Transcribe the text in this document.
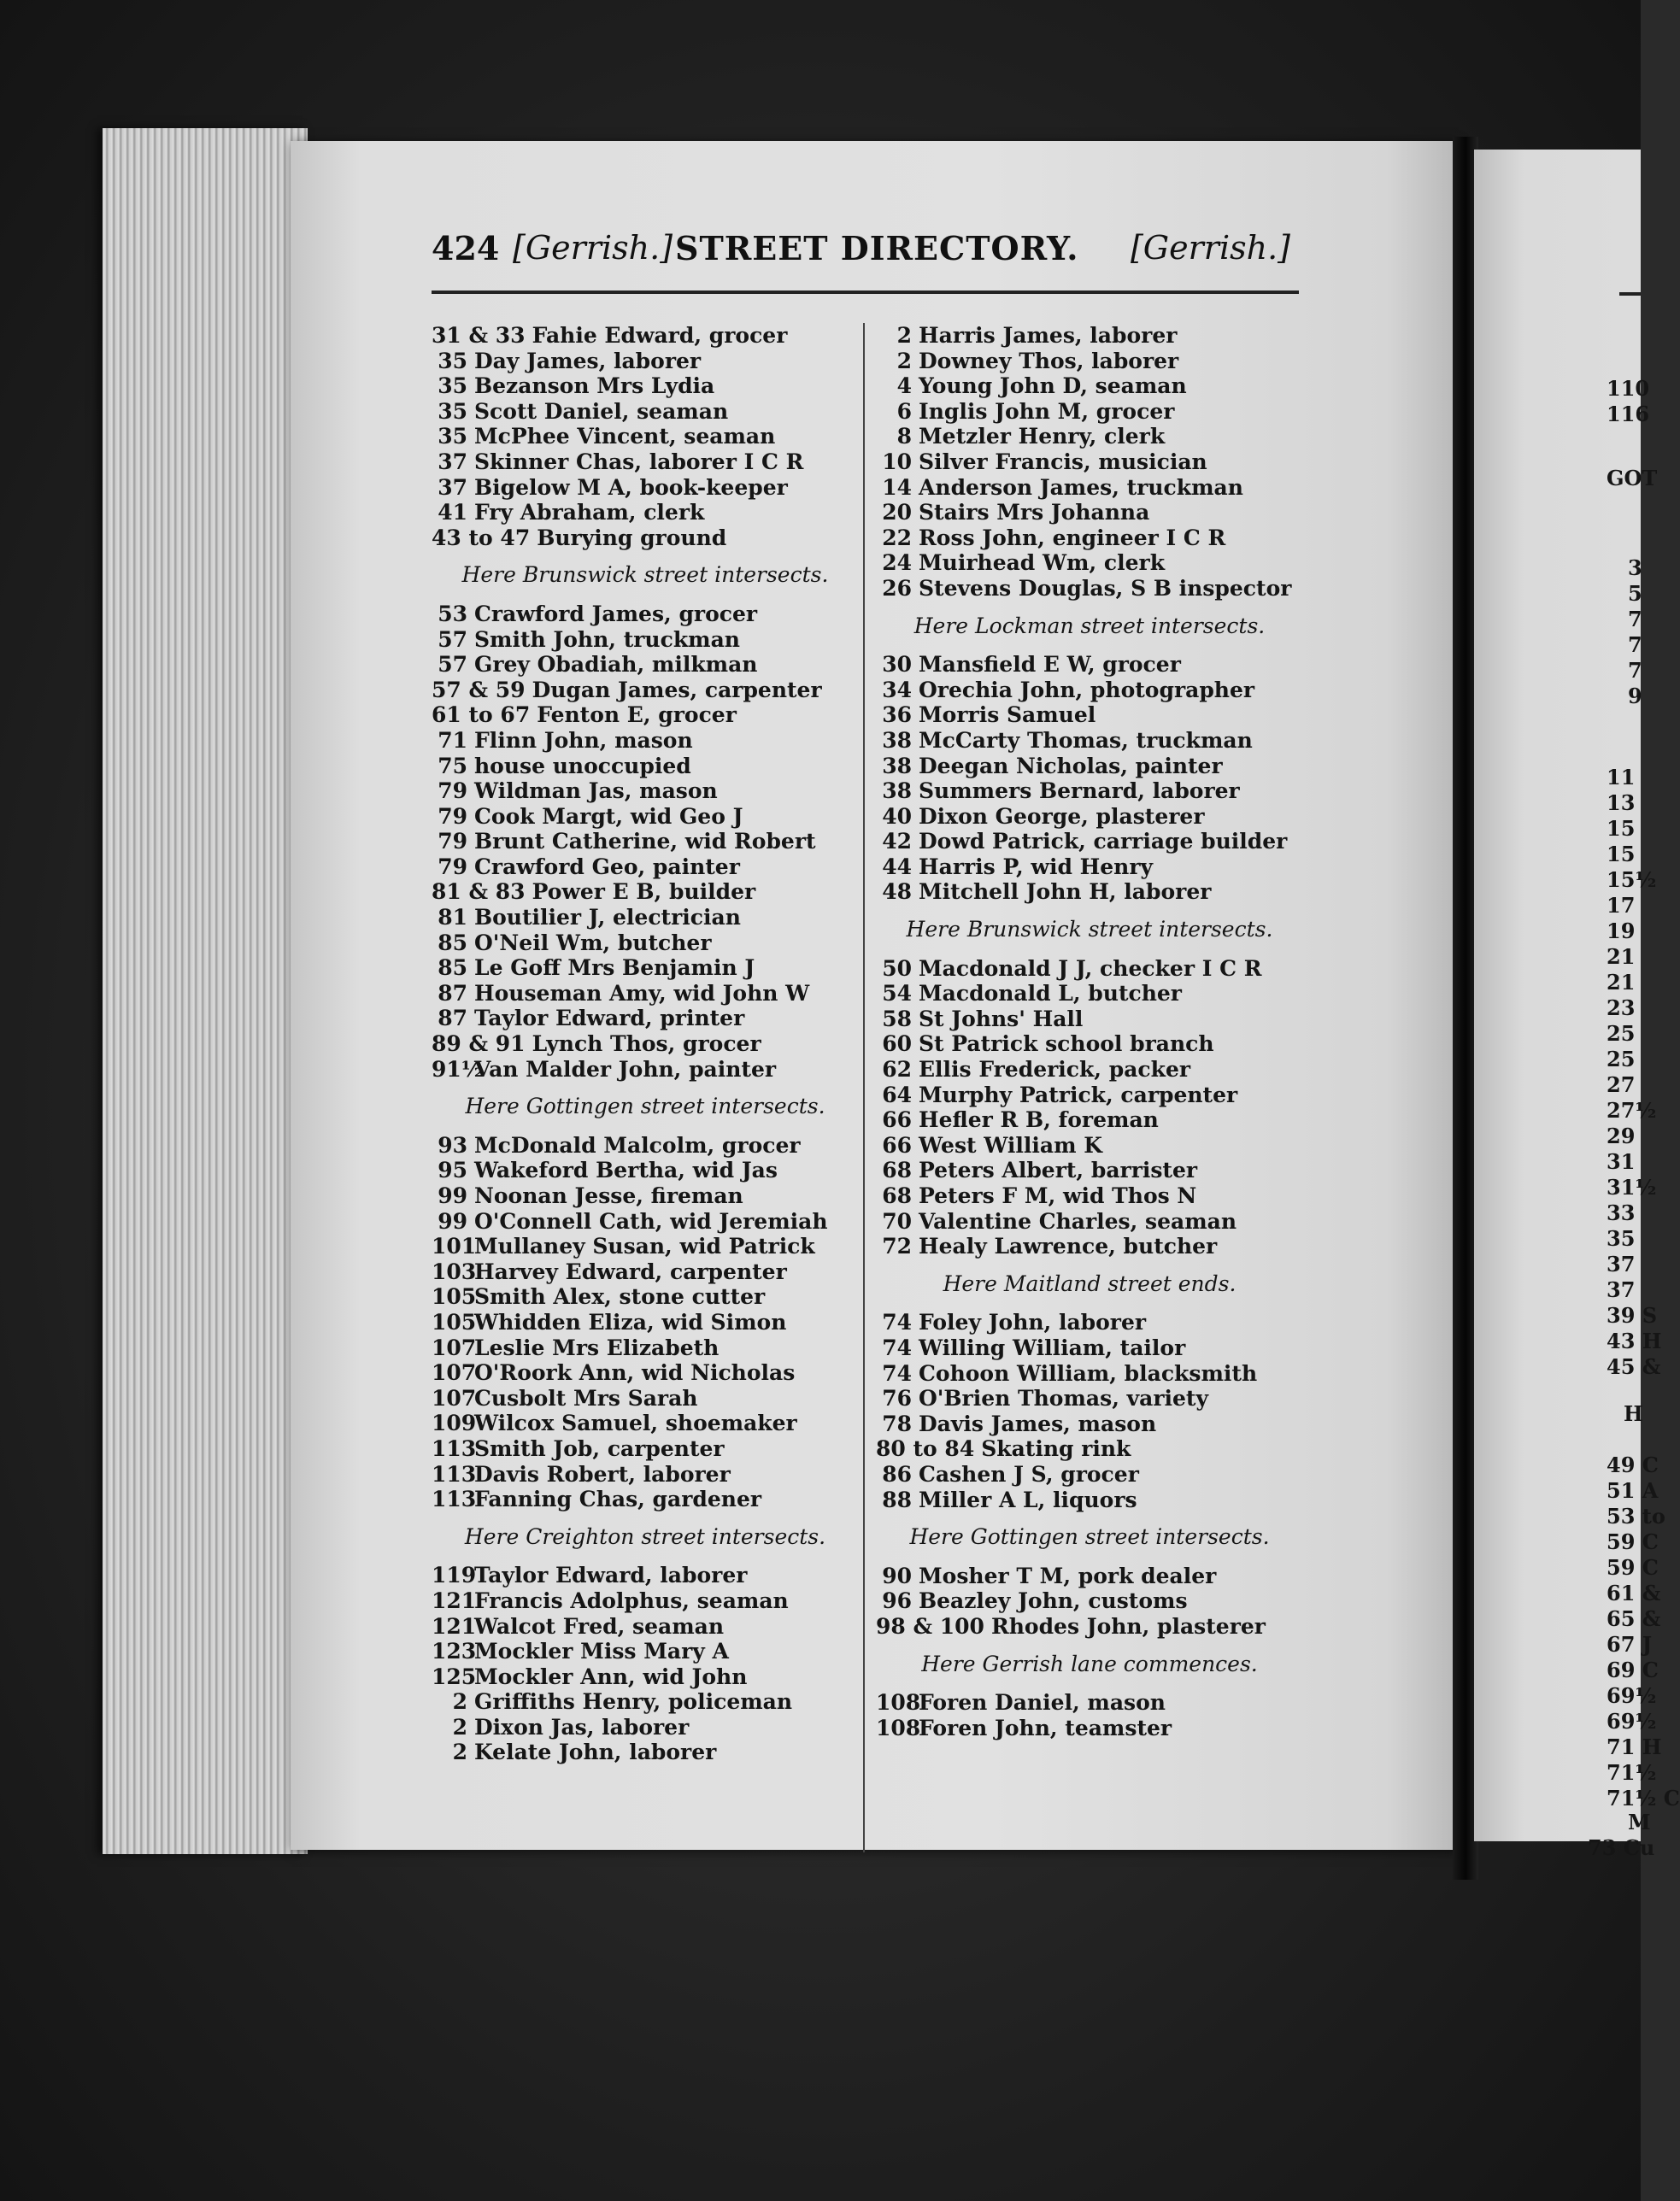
424 [Gerrish.] STREET DIRECTORY. [Gerrish.]
31 & 33 Fahie Edward, grocer
35 Day James, laborer
35 Bezanson Mrs Lydia
35 Scott Daniel, seaman
35 McPhee Vincent, seaman
37 Skinner Chas, laborer I C R
37 Bigelow M A, book-keeper
41 Fry Abraham, clerk
43 to 47 Burying ground
Here Brunswick street intersects.
53 Crawford James, grocer
57 Smith John, truckman
57 Grey Obadiah, milkman
57 & 59 Dugan James, carpenter
61 to 67 Fenton E, grocer
71 Flinn John, mason
75 house unoccupied
79 Wildman Jas, mason
79 Cook Margt, wid Geo J
79 Brunt Catherine, wid Robert
79 Crawford Geo, painter
81 & 83 Power E B, builder
81 Boutilier J, electrician
85 O'Neil Wm, butcher
85 Le Goff Mrs Benjamin J
87 Houseman Amy, wid John W
87 Taylor Edward, printer
89 & 91 Lynch Thos, grocer
91½Van Malder John, painter
Here Gottingen street intersects.
93 McDonald Malcolm, grocer
95 Wakeford Bertha, wid Jas
99 Noonan Jesse, fireman
99 O'Connell Cath, wid Jeremiah
101Mullaney Susan, wid Patrick
103Harvey Edward, carpenter
105Smith Alex, stone cutter
105Whidden Eliza, wid Simon
107Leslie Mrs Elizabeth
107O'Roork Ann, wid Nicholas
107Cusbolt Mrs Sarah
109Wilcox Samuel, shoemaker
113Smith Job, carpenter
113Davis Robert, laborer
113Fanning Chas, gardener
Here Creighton street intersects.
119Taylor Edward, laborer
121Francis Adolphus, seaman
121Walcot Fred, seaman
123Mockler Miss Mary A
125Mockler Ann, wid John
2 Griffiths Henry, policeman
2 Dixon Jas, laborer
2 Kelate John, laborer
2 Harris James, laborer
2 Downey Thos, laborer
4 Young John D, seaman
6 Inglis John M, grocer
8 Metzler Henry, clerk
10 Silver Francis, musician
14 Anderson James, truckman
20 Stairs Mrs Johanna
22 Ross John, engineer I C R
24 Muirhead Wm, clerk
26 Stevens Douglas, S B inspector
Here Lockman street intersects.
30 Mansfield E W, grocer
34 Orechia John, photographer
36 Morris Samuel
38 McCarty Thomas, truckman
38 Deegan Nicholas, painter
38 Summers Bernard, laborer
40 Dixon George, plasterer
42 Dowd Patrick, carriage builder
44 Harris P, wid Henry
48 Mitchell John H, laborer
Here Brunswick street intersects.
50 Macdonald J J, checker I C R
54 Macdonald L, butcher
58 St Johns' Hall
60 St Patrick school branch
62 Ellis Frederick, packer
64 Murphy Patrick, carpenter
66 Hefler R B, foreman
66 West William K
68 Peters Albert, barrister
68 Peters F M, wid Thos N
70 Valentine Charles, seaman
72 Healy Lawrence, butcher
Here Maitland street ends.
74 Foley John, laborer
74 Willing William, tailor
74 Cohoon William, blacksmith
76 O'Brien Thomas, variety
78 Davis James, mason
80 to 84 Skating rink
86 Cashen J S, grocer
88 Miller A L, liquors
Here Gottingen street intersects.
90 Mosher T M, pork dealer
96 Beazley John, customs
98 & 100 Rhodes John, plasterer
Here Gerrish lane commences.
108Foren Daniel, mason
108Foren John, teamster
110
116
GOT
3
5
7
7
7
9
11
13
15
15
15½
17
19
21
21
23
25
25
27
27½
29
31
31½
33
35
37
37
39 S
43 H
45 &
H
49 C
51 A
53 to
59 C
59 C
61 &
65 &
67 J
69 C
69½
69½
71 H
71½
71½ C
M
73 Cu
